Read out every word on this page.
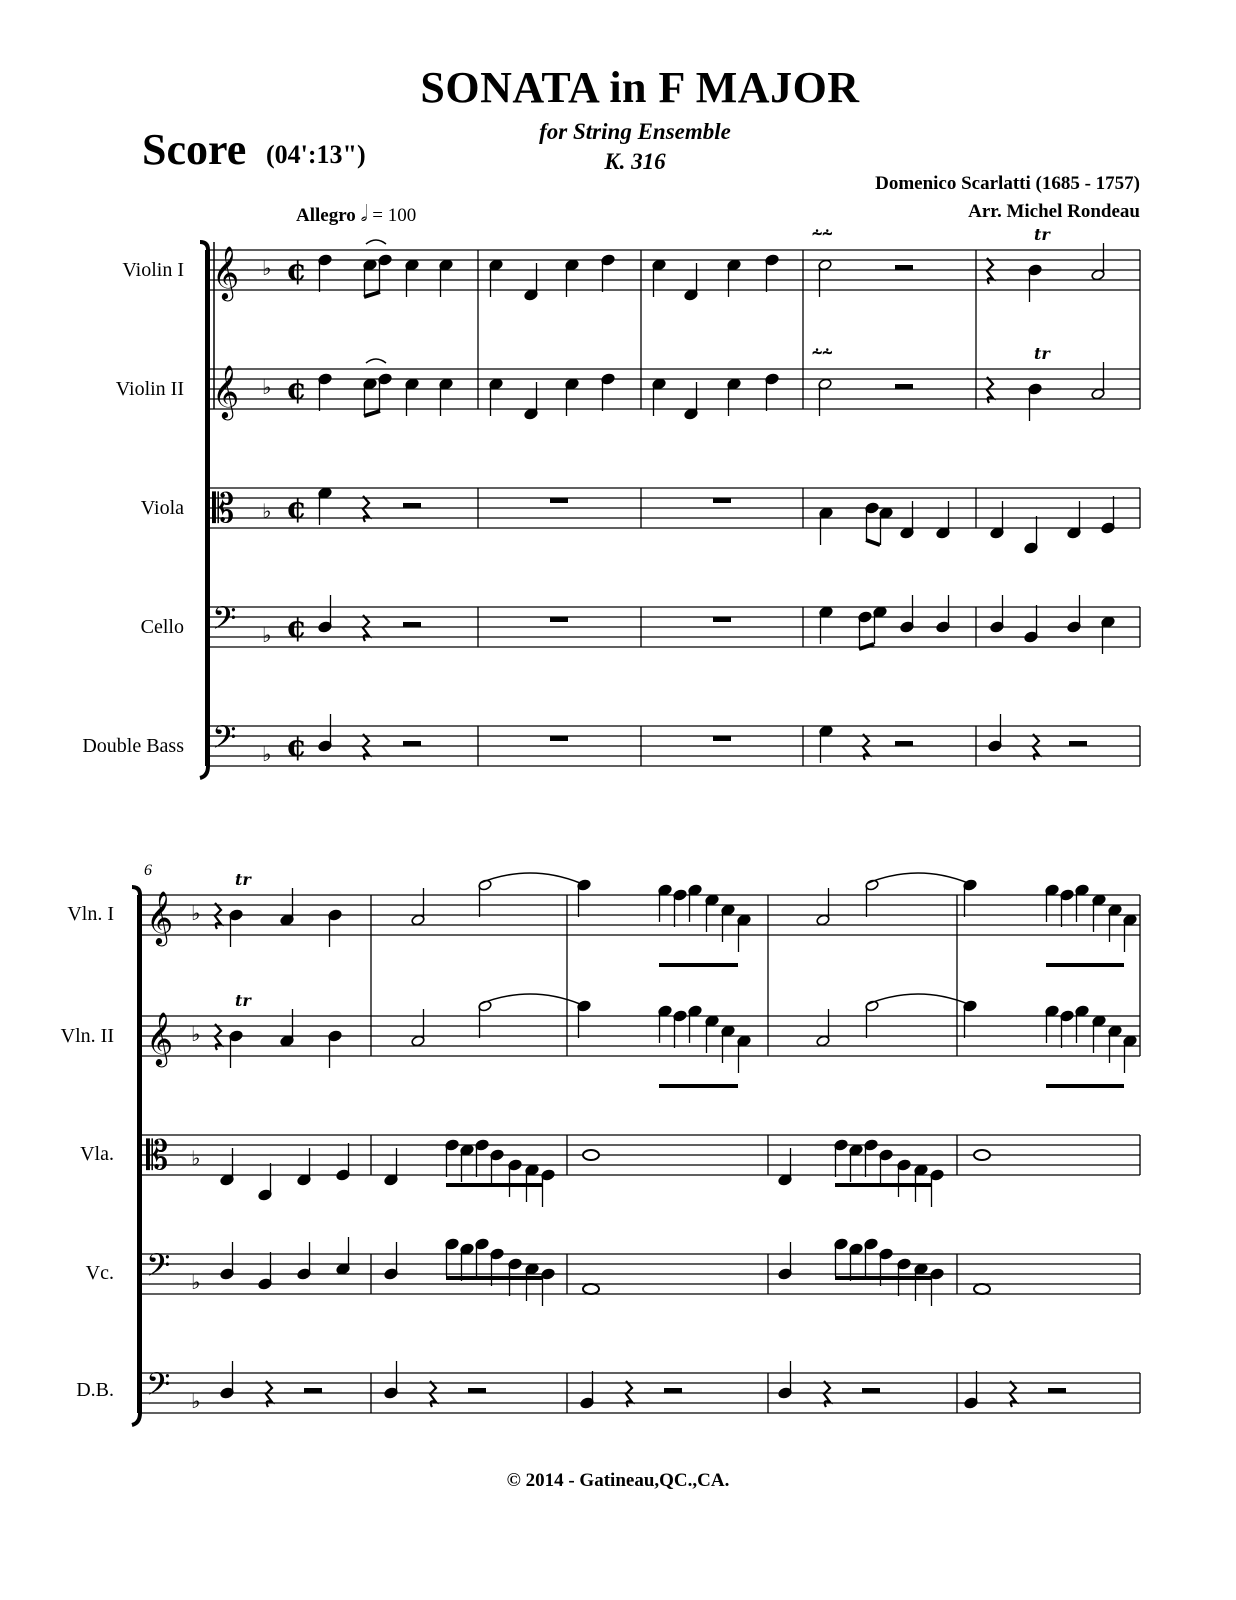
SONATA in F MAJOR
Score (04':13")
for String Ensemble
K. 316
Domenico Scarlatti (1685 - 1757)
Arr. Michel Rondeau
Allegro 𝅗𝅥 = 100
Violin I
Violin II
Viola
Cello
Double Bass
Vln. I
Vln. II
Vla.
Vc.
D.B.
6
𝄞 ♭ ¢
𝄞 ♭ ¢
𝄡 ♭ ¢
𝄢 ♭ ¢
𝄢 ♭ ¢
⸞⸞	tr
⸞⸞	tr
𝄞 ♭
𝄞 ♭
𝄡 ♭
𝄢 ♭
𝄢 ♭
tr
tr
© 2014 - Gatineau,QC.,CA.
